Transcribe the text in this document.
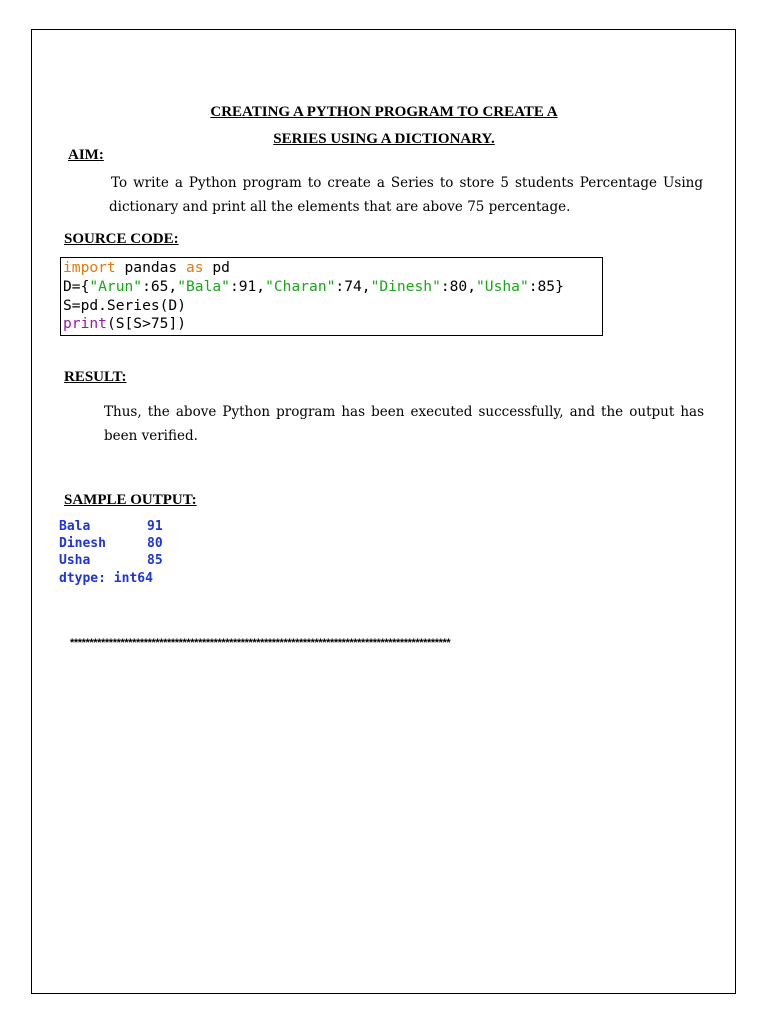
CREATING A PYTHON PROGRAM TO CREATE A
SERIES USING A DICTIONARY.
AIM:
To write a Python program to create a Series to store 5 students Percentage Using dictionary and print all the elements that are above 75 percentage.
SOURCE CODE:
import pandas as pd
D={"Arun":65,"Bala":91,"Charan":74,"Dinesh":80,"Usha":85}
S=pd.Series(D)
print(S[S>75])
RESULT:
Thus, the above Python program has been executed successfully, and the output has been verified.
SAMPLE OUTPUT:
Bala	91
Dinesh	80
Usha	85
dtype: int64
**************************************************************************************************
